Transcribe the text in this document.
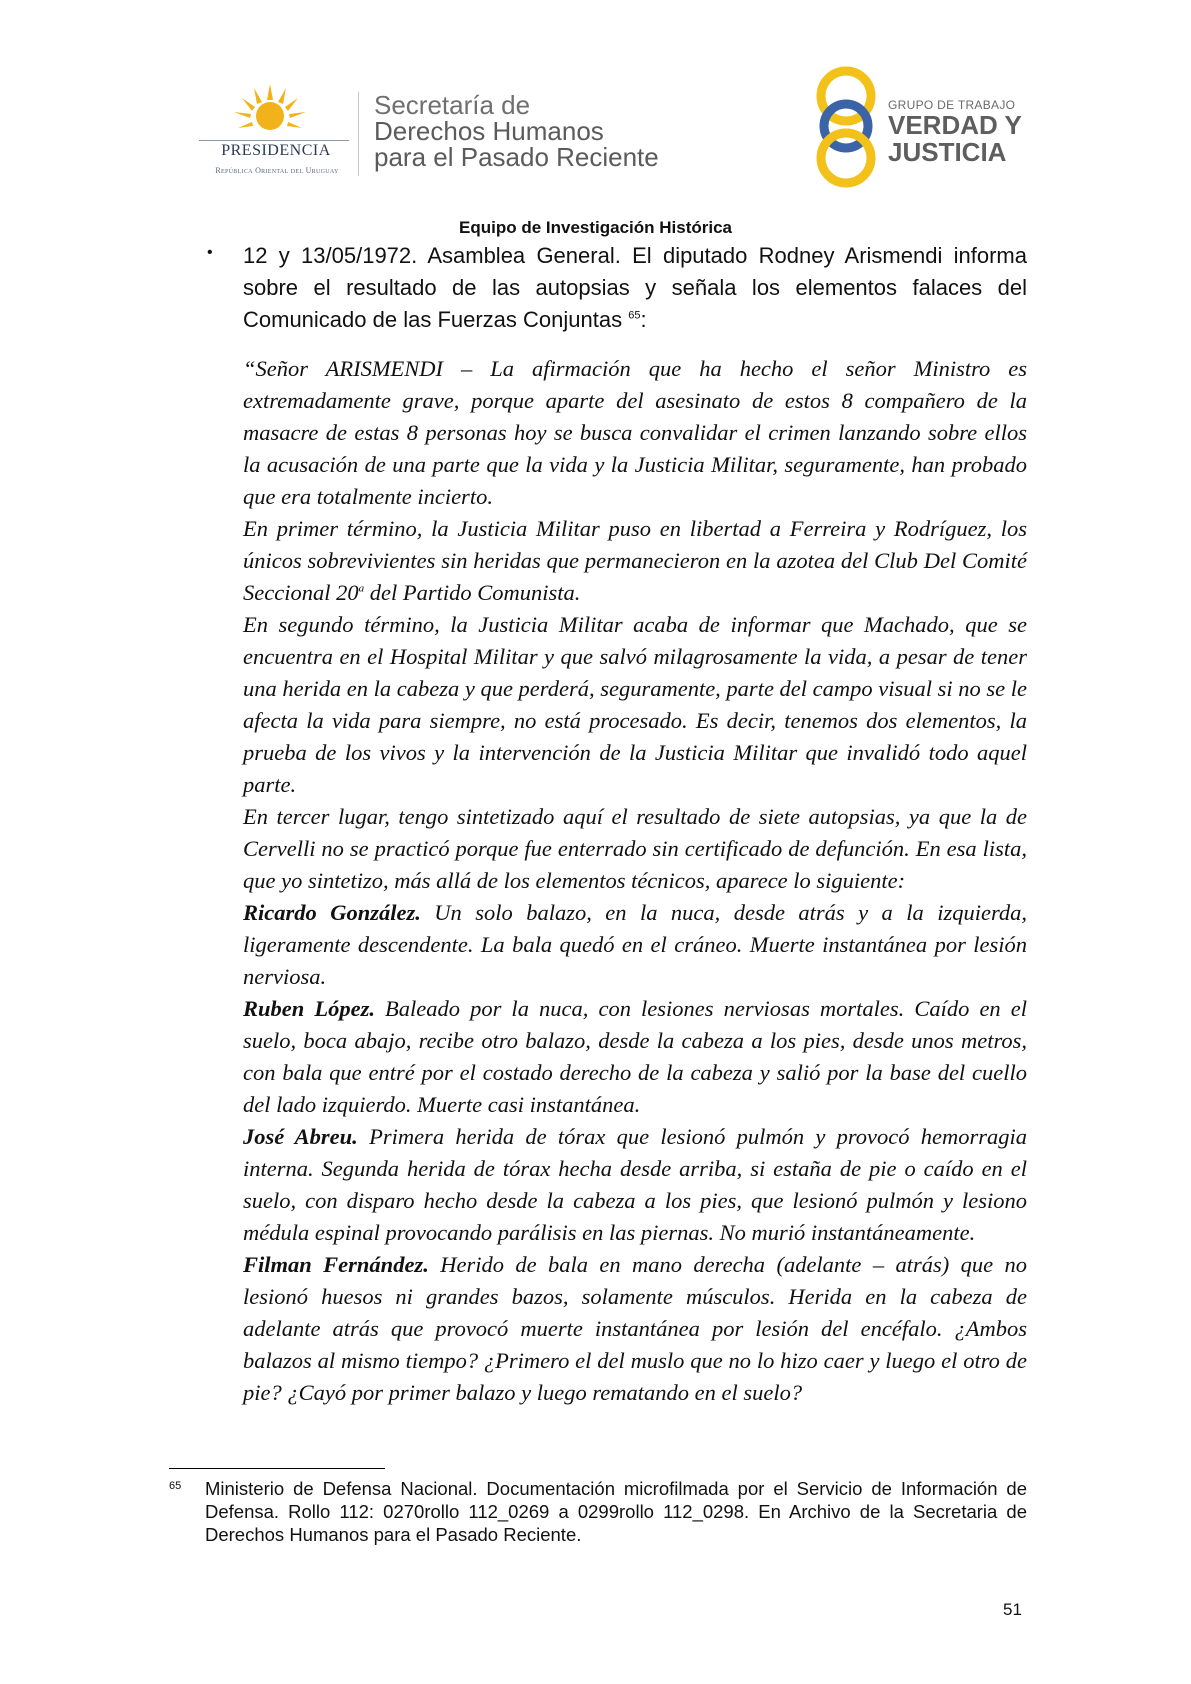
PRESIDENCIA
República Oriental del Uruguay
Secretaría de
Derechos Humanos
para el Pasado Reciente
GRUPO DE TRABAJO
VERDAD Y
JUSTICIA
Equipo de Investigación Histórica
• 12 y 13/05/1972. Asamblea General. El diputado Rodney Arismendi informa sobre el resultado de las autopsias y señala los elementos falaces del Comunicado de las Fuerzas Conjuntas $^{65}$:

“Señor ARISMENDI – La afirmación que ha hecho el señor Ministro es extremadamente grave, porque aparte del asesinato de estos 8 compañero de la masacre de estas 8 personas hoy se busca convalidar el crimen lanzando sobre ellos la acusación de una parte que la vida y la Justicia Militar, seguramente, han probado que era totalmente incierto.

En primer término, la Justicia Militar puso en libertad a Ferreira y Rodríguez, los únicos sobrevivientes sin heridas que permanecieron en la azotea del Club Del Comité Seccional 20$^a$ del Partido Comunista.

En segundo término, la Justicia Militar acaba de informar que Machado, que se encuentra en el Hospital Militar y que salvó milagrosamente la vida, a pesar de tener una herida en la cabeza y que perderá, seguramente, parte del campo visual si no se le afecta la vida para siempre, no está procesado. Es decir, tenemos dos elementos, la prueba de los vivos y la intervención de la Justicia Militar que invalidó todo aquel parte.

En tercer lugar, tengo sintetizado aquí el resultado de siete autopsias, ya que la de Cervelli no se practicó porque fue enterrado sin certificado de defunción. En esa lista, que yo sintetizo, más allá de los elementos técnicos, aparece lo siguiente:

Ricardo González. Un solo balazo, en la nuca, desde atrás y a la izquierda, ligeramente descendente. La bala quedó en el cráneo. Muerte instantánea por lesión nerviosa.

Ruben López. Baleado por la nuca, con lesiones nerviosas mortales. Caído en el suelo, boca abajo, recibe otro balazo, desde la cabeza a los pies, desde unos metros, con bala que entré por el costado derecho de la cabeza y salió por la base del cuello del lado izquierdo. Muerte casi instantánea.

José Abreu. Primera herida de tórax que lesionó pulmón y provocó hemorragia interna. Segunda herida de tórax hecha desde arriba, si estaña de pie o caído en el suelo, con disparo hecho desde la cabeza a los pies, que lesionó pulmón y lesiono médula espinal provocando parálisis en las piernas. No murió instantáneamente.

Filman Fernández. Herido de bala en mano derecha (adelante – atrás) que no lesionó huesos ni grandes bazos, solamente músculos. Herida en la cabeza de adelante atrás que provocó muerte instantánea por lesión del encéfalo. ¿Ambos balazos al mismo tiempo? ¿Primero el del muslo que no lo hizo caer y luego el otro de pie? ¿Cayó por primer balazo y luego rematando en el suelo?

65 Ministerio de Defensa Nacional. Documentación microfilmada por el Servicio de Información de Defensa. Rollo 112: 0270rollo 112_0269 a 0299rollo 112_0298. En Archivo de la Secretaria de Derechos Humanos para el Pasado Reciente.
51
